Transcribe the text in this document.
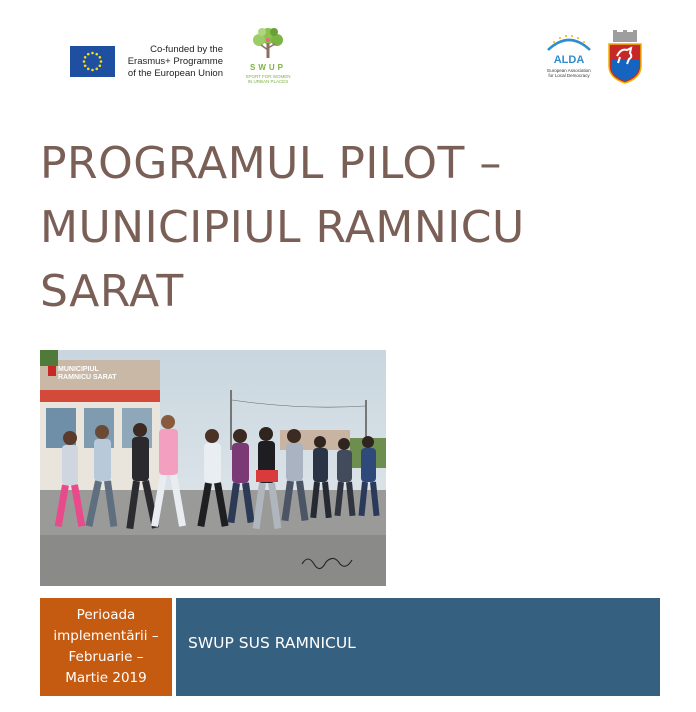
Co-funded by the
Erasmus+ Programme
of the European Union
SWUP
SPORT FOR WOMEN
IN URBAN PLACES
ALDA
European Association
for Local Democracy
PROGRAMUL PILOT –
MUNICIPIUL RAMNICU
SARAT
MUNICIPIUL
RAMNICU SARAT
Perioada
implementării –
Februarie –
Martie 2019
SWUP SUS RAMNICUL
